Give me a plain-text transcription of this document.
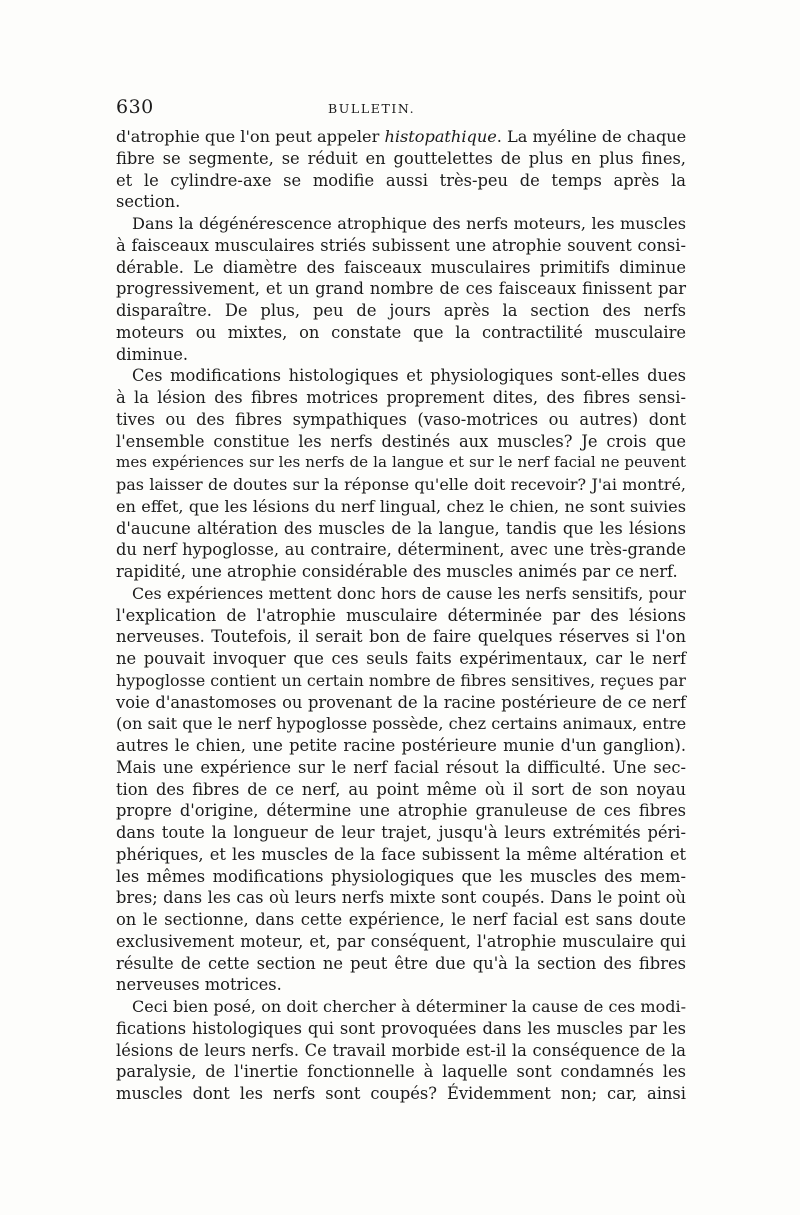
630	BULLETIN.
d'atrophie que l'on peut appeler histopathique. La myéline de chaque
fibre se segmente, se réduit en gouttelettes de plus en plus fines,
et le cylindre-axe se modifie aussi très-peu de temps après la
section.
Dans la dégénérescence atrophique des nerfs moteurs, les muscles
à faisceaux musculaires striés subissent une atrophie souvent consi-
dérable. Le diamètre des faisceaux musculaires primitifs diminue
progressivement, et un grand nombre de ces faisceaux finissent par
disparaître. De plus, peu de jours après la section des nerfs
moteurs ou mixtes, on constate que la contractilité musculaire
diminue.
Ces modifications histologiques et physiologiques sont-elles dues
à la lésion des fibres motrices proprement dites, des fibres sensi-
tives ou des fibres sympathiques (vaso-motrices ou autres) dont
l'ensemble constitue les nerfs destinés aux muscles? Je crois que
mes expériences sur les nerfs de la langue et sur le nerf facial ne peuvent
pas laisser de doutes sur la réponse qu'elle doit recevoir? J'ai montré,
en effet, que les lésions du nerf lingual, chez le chien, ne sont suivies
d'aucune altération des muscles de la langue, tandis que les lésions
du nerf hypoglosse, au contraire, déterminent, avec une très-grande
rapidité, une atrophie considérable des muscles animés par ce nerf.
Ces expériences mettent donc hors de cause les nerfs sensitifs, pour
l'explication de l'atrophie musculaire déterminée par des lésions
nerveuses. Toutefois, il serait bon de faire quelques réserves si l'on
ne pouvait invoquer que ces seuls faits expérimentaux, car le nerf
hypoglosse contient un certain nombre de fibres sensitives, reçues par
voie d'anastomoses ou provenant de la racine postérieure de ce nerf
(on sait que le nerf hypoglosse possède, chez certains animaux, entre
autres le chien, une petite racine postérieure munie d'un ganglion).
Mais une expérience sur le nerf facial résout la difficulté. Une sec-
tion des fibres de ce nerf, au point même où il sort de son noyau
propre d'origine, détermine une atrophie granuleuse de ces fibres
dans toute la longueur de leur trajet, jusqu'à leurs extrémités péri-
phériques, et les muscles de la face subissent la même altération et
les mêmes modifications physiologiques que les muscles des mem-
bres; dans les cas où leurs nerfs mixte sont coupés. Dans le point où
on le sectionne, dans cette expérience, le nerf facial est sans doute
exclusivement moteur, et, par conséquent, l'atrophie musculaire qui
résulte de cette section ne peut être due qu'à la section des fibres
nerveuses motrices.
Ceci bien posé, on doit chercher à déterminer la cause de ces modi-
fications histologiques qui sont provoquées dans les muscles par les
lésions de leurs nerfs. Ce travail morbide est-il la conséquence de la
paralysie, de l'inertie fonctionnelle à laquelle sont condamnés les
muscles dont les nerfs sont coupés? Évidemment non; car, ainsi
